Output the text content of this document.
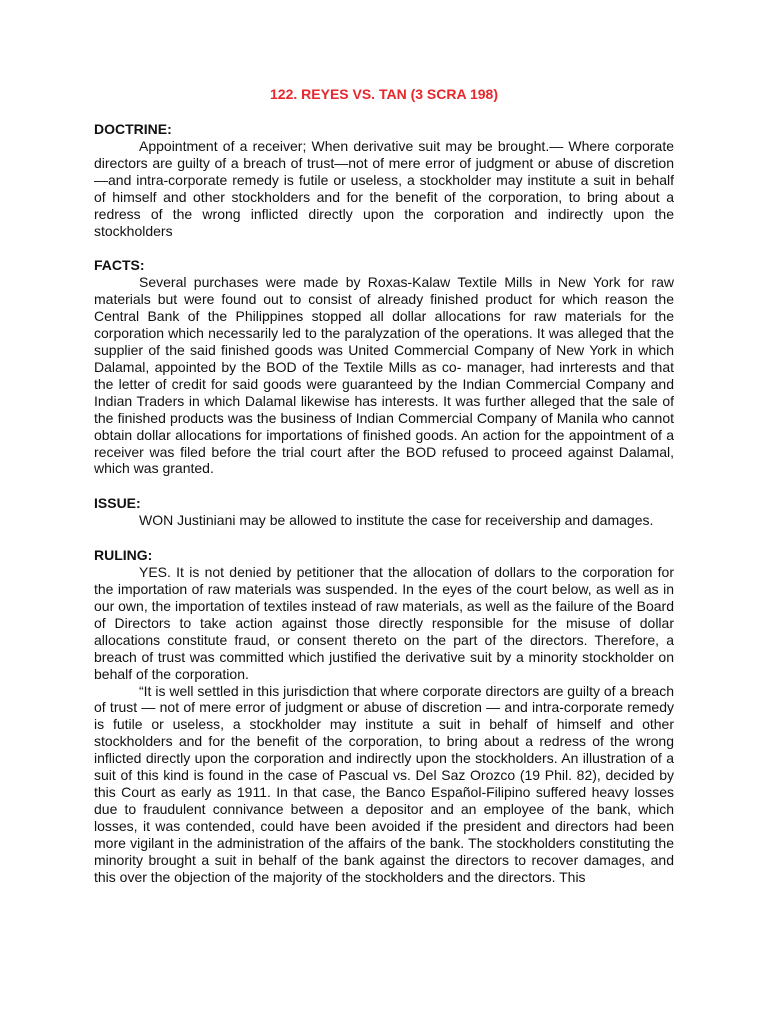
122. REYES VS. TAN (3 SCRA 198)
DOCTRINE:

Appointment of a receiver; When derivative suit may be brought.— Where corporate directors are guilty of a breach of trust—not of mere error of judgment or abuse of discretion—and intra-corporate remedy is futile or useless, a stockholder may institute a suit in behalf of himself and other stockholders and for the benefit of the corporation, to bring about a redress of the wrong inflicted directly upon the corporation and indirectly upon the stockholders

FACTS:

Several purchases were made by Roxas-Kalaw Textile Mills in New York for raw materials but were found out to consist of already finished product for which reason the Central Bank of the Philippines stopped all dollar allocations for raw materials for the corporation which necessarily led to the paralyzation of the operations. It was alleged that the supplier of the said finished goods was United Commercial Company of New York in which Dalamal, appointed by the BOD of the Textile Mills as co- manager, had inrterests and that the letter of credit for said goods were guaranteed by the Indian Commercial Company and Indian Traders in which Dalamal likewise has interests. It was further alleged that the sale of the finished products was the business of Indian Commercial Company of Manila who cannot obtain dollar allocations for importations of finished goods. An action for the appointment of a receiver was filed before the trial court after the BOD refused to proceed against Dalamal, which was granted.

ISSUE:

WON Justiniani may be allowed to institute the case for receivership and damages.

RULING:

YES. It is not denied by petitioner that the allocation of dollars to the corporation for the importation of raw materials was suspended. In the eyes of the court below, as well as in our own, the importation of textiles instead of raw materials, as well as the failure of the Board of Directors to take action against those directly responsible for the misuse of dollar allocations constitute fraud, or consent thereto on the part of the directors. Therefore, a breach of trust was committed which justified the derivative suit by a minority stockholder on behalf of the corporation.

“It is well settled in this jurisdiction that where corporate directors are guilty of a breach of trust — not of mere error of judgment or abuse of discretion — and intra-corporate remedy is futile or useless, a stockholder may institute a suit in behalf of himself and other stockholders and for the benefit of the corporation, to bring about a redress of the wrong inflicted directly upon the corporation and indirectly upon the stockholders. An illustration of a suit of this kind is found in the case of Pascual vs. Del Saz Orozco (19 Phil. 82), decided by this Court as early as 1911. In that case, the Banco Español-Filipino suffered heavy losses due to fraudulent connivance between a depositor and an employee of the bank, which losses, it was contended, could have been avoided if the president and directors had been more vigilant in the administration of the affairs of the bank. The stockholders constituting the minority brought a suit in behalf of the bank against the directors to recover damages, and this over the objection of the majority of the stockholders and the directors. This
